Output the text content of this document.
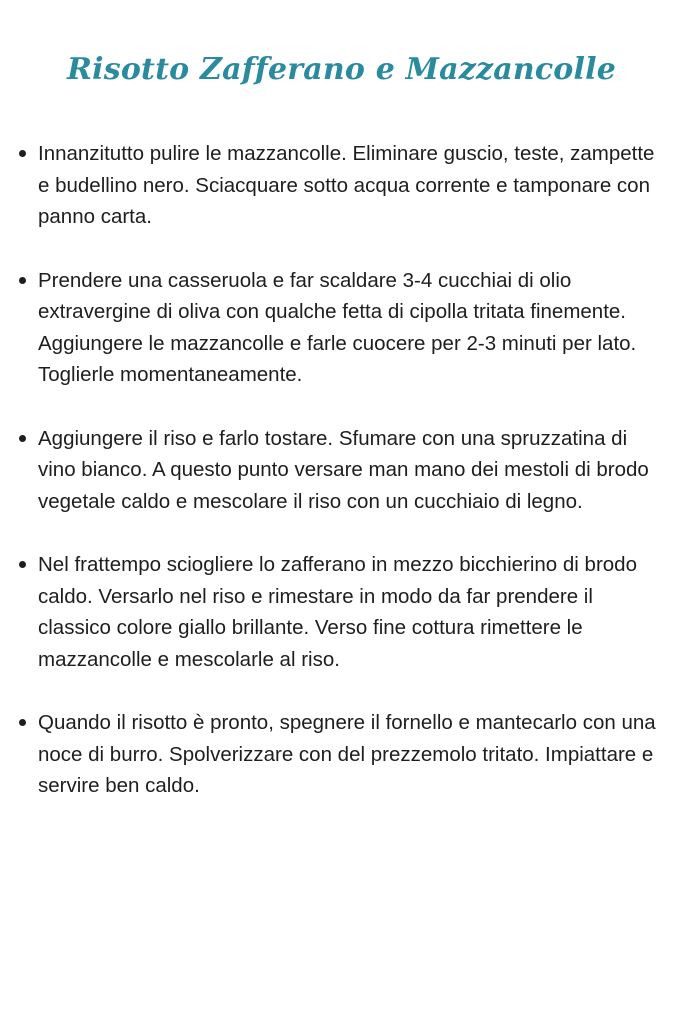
Risotto Zafferano e Mazzancolle
Innanzitutto pulire le mazzancolle. Eliminare guscio, teste, zampette e budellino nero. Sciacquare sotto acqua corrente e tamponare con panno carta.
Prendere una casseruola e far scaldare 3-4 cucchiai di olio extravergine di oliva con qualche fetta di cipolla tritata finemente. Aggiungere le mazzancolle e farle cuocere per 2-3 minuti per lato. Toglierle momentaneamente.
Aggiungere il riso e farlo tostare. Sfumare con una spruzzatina di vino bianco. A questo punto versare man mano dei mestoli di brodo vegetale caldo e mescolare il riso con un cucchiaio di legno.
Nel frattempo sciogliere lo zafferano in mezzo bicchierino di brodo caldo. Versarlo nel riso e rimestare in modo da far prendere il classico colore giallo brillante. Verso fine cottura rimettere le mazzancolle e mescolarle al riso.
Quando il risotto è pronto, spegnere il fornello e mantecarlo con una noce di burro. Spolverizzare con del prezzemolo tritato. Impiattare e servire ben caldo.
